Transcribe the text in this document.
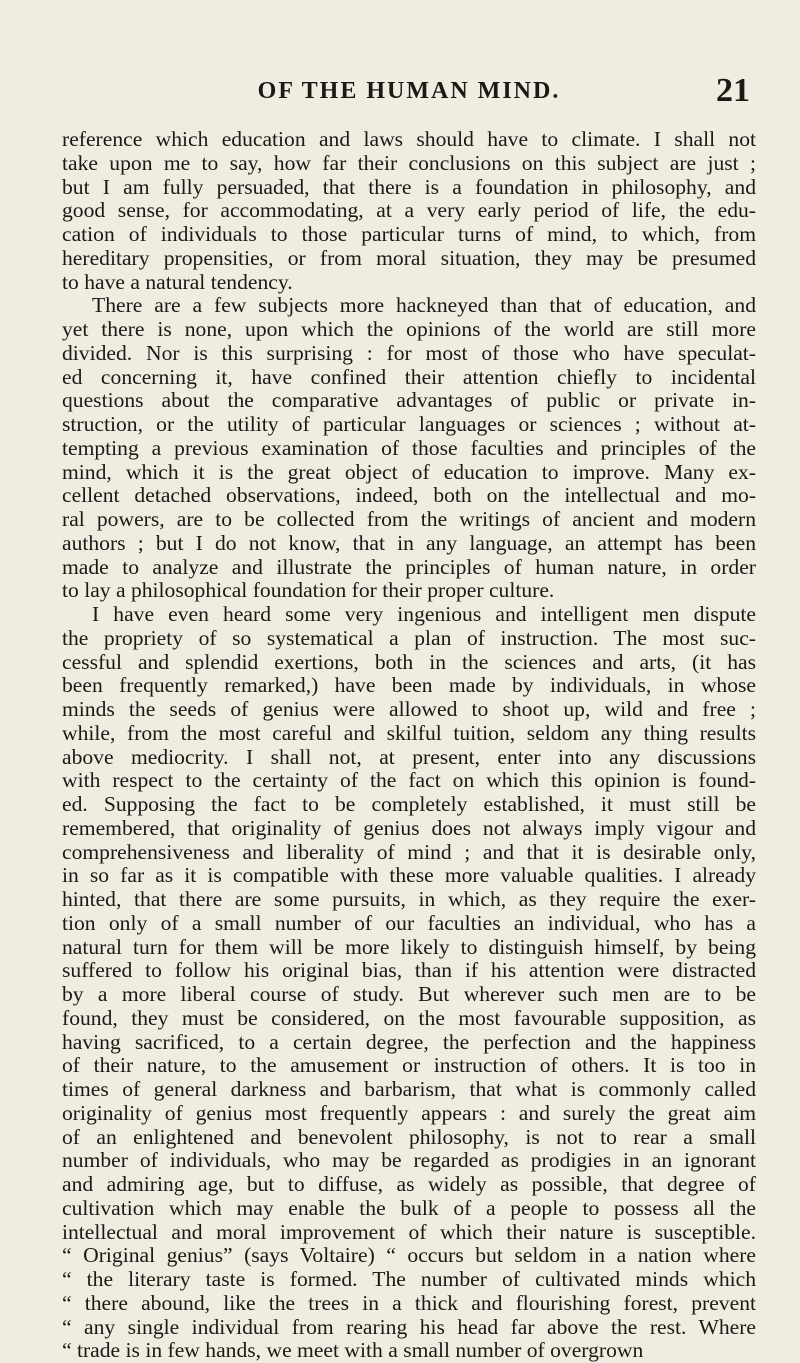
OF THE HUMAN MIND.	21
reference which education and laws should have to climate. I shall not
take upon me to say, how far their conclusions on this subject are just ;
but I am fully persuaded, that there is a foundation in philosophy, and
good sense, for accommodating, at a very early period of life, the edu-
cation of individuals to those particular turns of mind, to which, from
hereditary propensities, or from moral situation, they may be presumed
to have a natural tendency.
There are a few subjects more hackneyed than that of education, and
yet there is none, upon which the opinions of the world are still more
divided. Nor is this surprising : for most of those who have speculat-
ed concerning it, have confined their attention chiefly to incidental
questions about the comparative advantages of public or private in-
struction, or the utility of particular languages or sciences ; without at-
tempting a previous examination of those faculties and principles of the
mind, which it is the great object of education to improve. Many ex-
cellent detached observations, indeed, both on the intellectual and mo-
ral powers, are to be collected from the writings of ancient and modern
authors ; but I do not know, that in any language, an attempt has been
made to analyze and illustrate the principles of human nature, in order
to lay a philosophical foundation for their proper culture.
I have even heard some very ingenious and intelligent men dispute
the propriety of so systematical a plan of instruction. The most suc-
cessful and splendid exertions, both in the sciences and arts, (it has
been frequently remarked,) have been made by individuals, in whose
minds the seeds of genius were allowed to shoot up, wild and free ;
while, from the most careful and skilful tuition, seldom any thing results
above mediocrity. I shall not, at present, enter into any discussions
with respect to the certainty of the fact on which this opinion is found-
ed. Supposing the fact to be completely established, it must still be
remembered, that originality of genius does not always imply vigour and
comprehensiveness and liberality of mind ; and that it is desirable only,
in so far as it is compatible with these more valuable qualities. I already
hinted, that there are some pursuits, in which, as they require the exer-
tion only of a small number of our faculties an individual, who has a
natural turn for them will be more likely to distinguish himself, by being
suffered to follow his original bias, than if his attention were distracted
by a more liberal course of study. But wherever such men are to be
found, they must be considered, on the most favourable supposition, as
having sacrificed, to a certain degree, the perfection and the happiness
of their nature, to the amusement or instruction of others. It is too in
times of general darkness and barbarism, that what is commonly called
originality of genius most frequently appears : and surely the great aim
of an enlightened and benevolent philosophy, is not to rear a small
number of individuals, who may be regarded as prodigies in an ignorant
and admiring age, but to diffuse, as widely as possible, that degree of
cultivation which may enable the bulk of a people to possess all the
intellectual and moral improvement of which their nature is susceptible.
“ Original genius” (says Voltaire) “ occurs but seldom in a nation where
“ the literary taste is formed. The number of cultivated minds which
“ there abound, like the trees in a thick and flourishing forest, prevent
“ any single individual from rearing his head far above the rest. Where
“ trade is in few hands, we meet with a small number of overgrown
